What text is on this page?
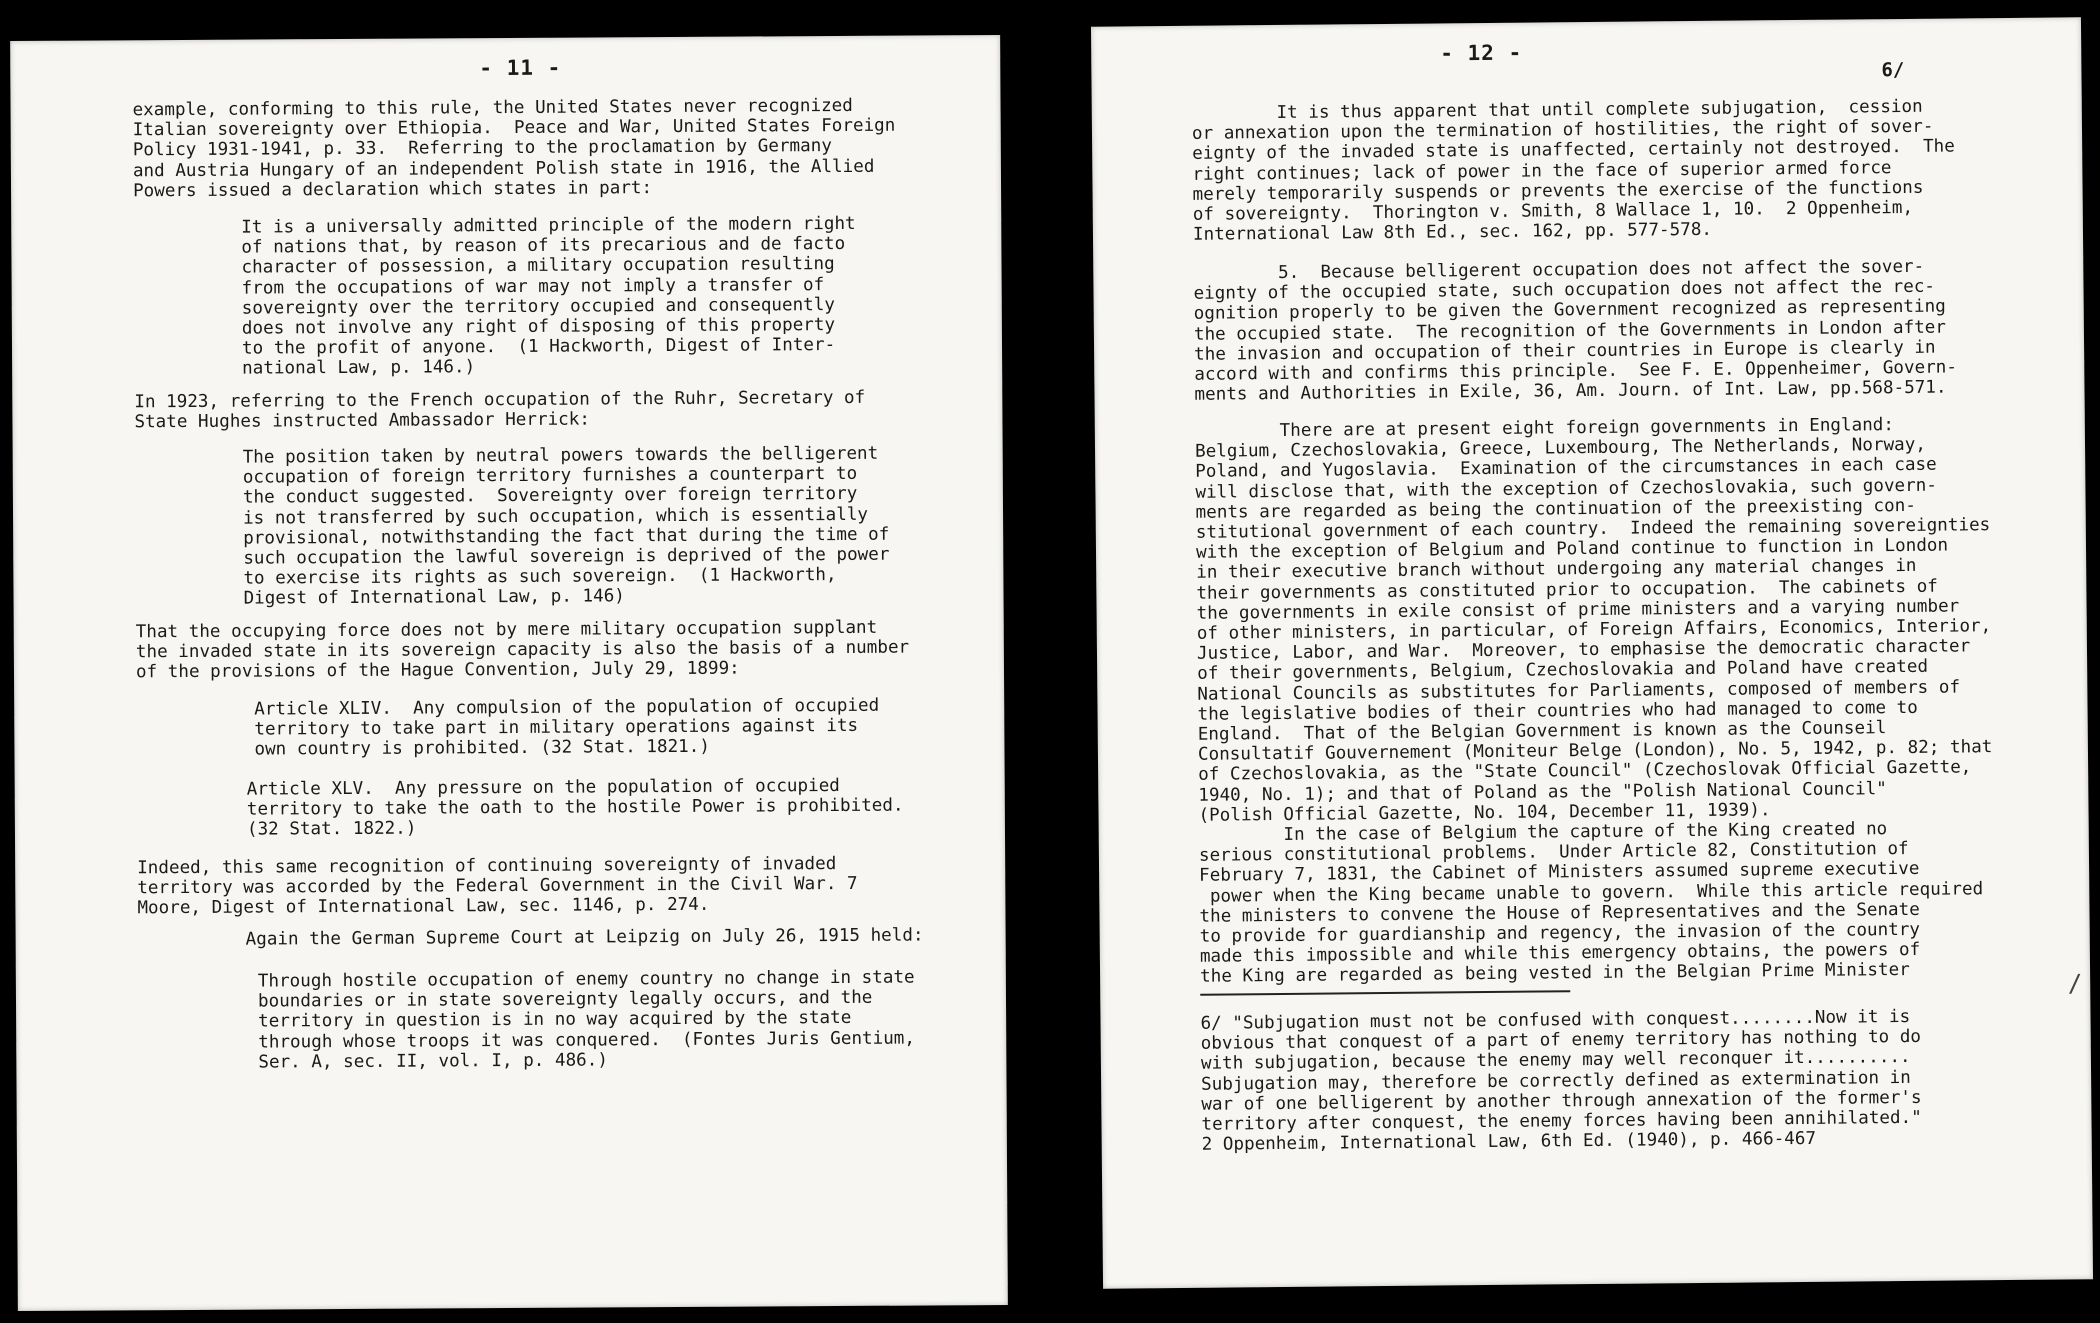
- 11 -

example, conforming to this rule, the United States never recognized
Italian sovereignty over Ethiopia.  Peace and War, United States Foreign
Policy 1931-1941, p. 33.  Referring to the proclamation by Germany
and Austria Hungary of an independent Polish state in 1916, the Allied
Powers issued a declaration which states in part:

It is a universally admitted principle of the modern right
of nations that, by reason of its precarious and de facto
character of possession, a military occupation resulting
from the occupations of war may not imply a transfer of
sovereignty over the territory occupied and consequently
does not involve any right of disposing of this property
to the profit of anyone.  (1 Hackworth, Digest of Inter-
national Law, p. 146.)

In 1923, referring to the French occupation of the Ruhr, Secretary of
State Hughes instructed Ambassador Herrick:

The position taken by neutral powers towards the belligerent
occupation of foreign territory furnishes a counterpart to
the conduct suggested.  Sovereignty over foreign territory
is not transferred by such occupation, which is essentially
provisional, notwithstanding the fact that during the time of
such occupation the lawful sovereign is deprived of the power
to exercise its rights as such sovereign.  (1 Hackworth,
Digest of International Law, p. 146)

That the occupying force does not by mere military occupation supplant
the invaded state in its sovereign capacity is also the basis of a number
of the provisions of the Hague Convention, July 29, 1899:

Article XLIV.  Any compulsion of the population of occupied
territory to take part in military operations against its
own country is prohibited. (32 Stat. 1821.)

Article XLV.  Any pressure on the population of occupied
territory to take the oath to the hostile Power is prohibited.
(32 Stat. 1822.)

Indeed, this same recognition of continuing sovereignty of invaded
territory was accorded by the Federal Government in the Civil War. 7
Moore, Digest of International Law, sec. 1146, p. 274.

Again the German Supreme Court at Leipzig on July 26, 1915 held:

Through hostile occupation of enemy country no change in state
boundaries or in state sovereignty legally occurs, and the
territory in question is in no way acquired by the state
through whose troops it was conquered.  (Fontes Juris Gentium,
Ser. A, sec. II, vol. I, p. 486.)

- 12 -
6/

It is thus apparent that until complete subjugation,  cession
or annexation upon the termination of hostilities, the right of sover-
eignty of the invaded state is unaffected, certainly not destroyed.  The
right continues; lack of power in the face of superior armed force
merely temporarily suspends or prevents the exercise of the functions
of sovereignty.  Thorington v. Smith, 8 Wallace 1, 10.  2 Oppenheim,
International Law 8th Ed., sec. 162, pp. 577-578.

5.  Because belligerent occupation does not affect the sover-
eignty of the occupied state, such occupation does not affect the rec-
ognition properly to be given the Government recognized as representing
the occupied state.  The recognition of the Governments in London after
the invasion and occupation of their countries in Europe is clearly in
accord with and confirms this principle.  See F. E. Oppenheimer, Govern-
ments and Authorities in Exile, 36, Am. Journ. of Int. Law, pp.568-571.

There are at present eight foreign governments in England:
Belgium, Czechoslovakia, Greece, Luxembourg, The Netherlands, Norway,
Poland, and Yugoslavia.  Examination of the circumstances in each case
will disclose that, with the exception of Czechoslovakia, such govern-
ments are regarded as being the continuation of the preexisting con-
stitutional government of each country.  Indeed the remaining sovereignties
with the exception of Belgium and Poland continue to function in London
in their executive branch without undergoing any material changes in
their governments as constituted prior to occupation.  The cabinets of
the governments in exile consist of prime ministers and a varying number
of other ministers, in particular, of Foreign Affairs, Economics, Interior,
Justice, Labor, and War.  Moreover, to emphasise the democratic character
of their governments, Belgium, Czechoslovakia and Poland have created
National Councils as substitutes for Parliaments, composed of members of
the legislative bodies of their countries who had managed to come to
England.  That of the Belgian Government is known as the Counseil
Consultatif Gouvernement (Moniteur Belge (London), No. 5, 1942, p. 82; that
of Czechoslovakia, as the "State Council" (Czechoslovak Official Gazette,
1940, No. 1); and that of Poland as the "Polish National Council"
(Polish Official Gazette, No. 104, December 11, 1939).

In the case of Belgium the capture of the King created no
serious constitutional problems.  Under Article 82, Constitution of
February 7, 1831, the Cabinet of Ministers assumed supreme executive
power when the King became unable to govern.  While this article required
the ministers to convene the House of Representatives and the Senate
to provide for guardianship and regency, the invasion of the country
made this impossible and while this emergency obtains, the powers of
the King are regarded as being vested in the Belgian Prime Minister

6/ "Subjugation must not be confused with conquest........Now it is
obvious that conquest of a part of enemy territory has nothing to do
with subjugation, because the enemy may well reconquer it..........
Subjugation may, therefore be correctly defined as extermination in
war of one belligerent by another through annexation of the former's
territory after conquest, the enemy forces having been annihilated."
2 Oppenheim, International Law, 6th Ed. (1940), p. 466-467

/
